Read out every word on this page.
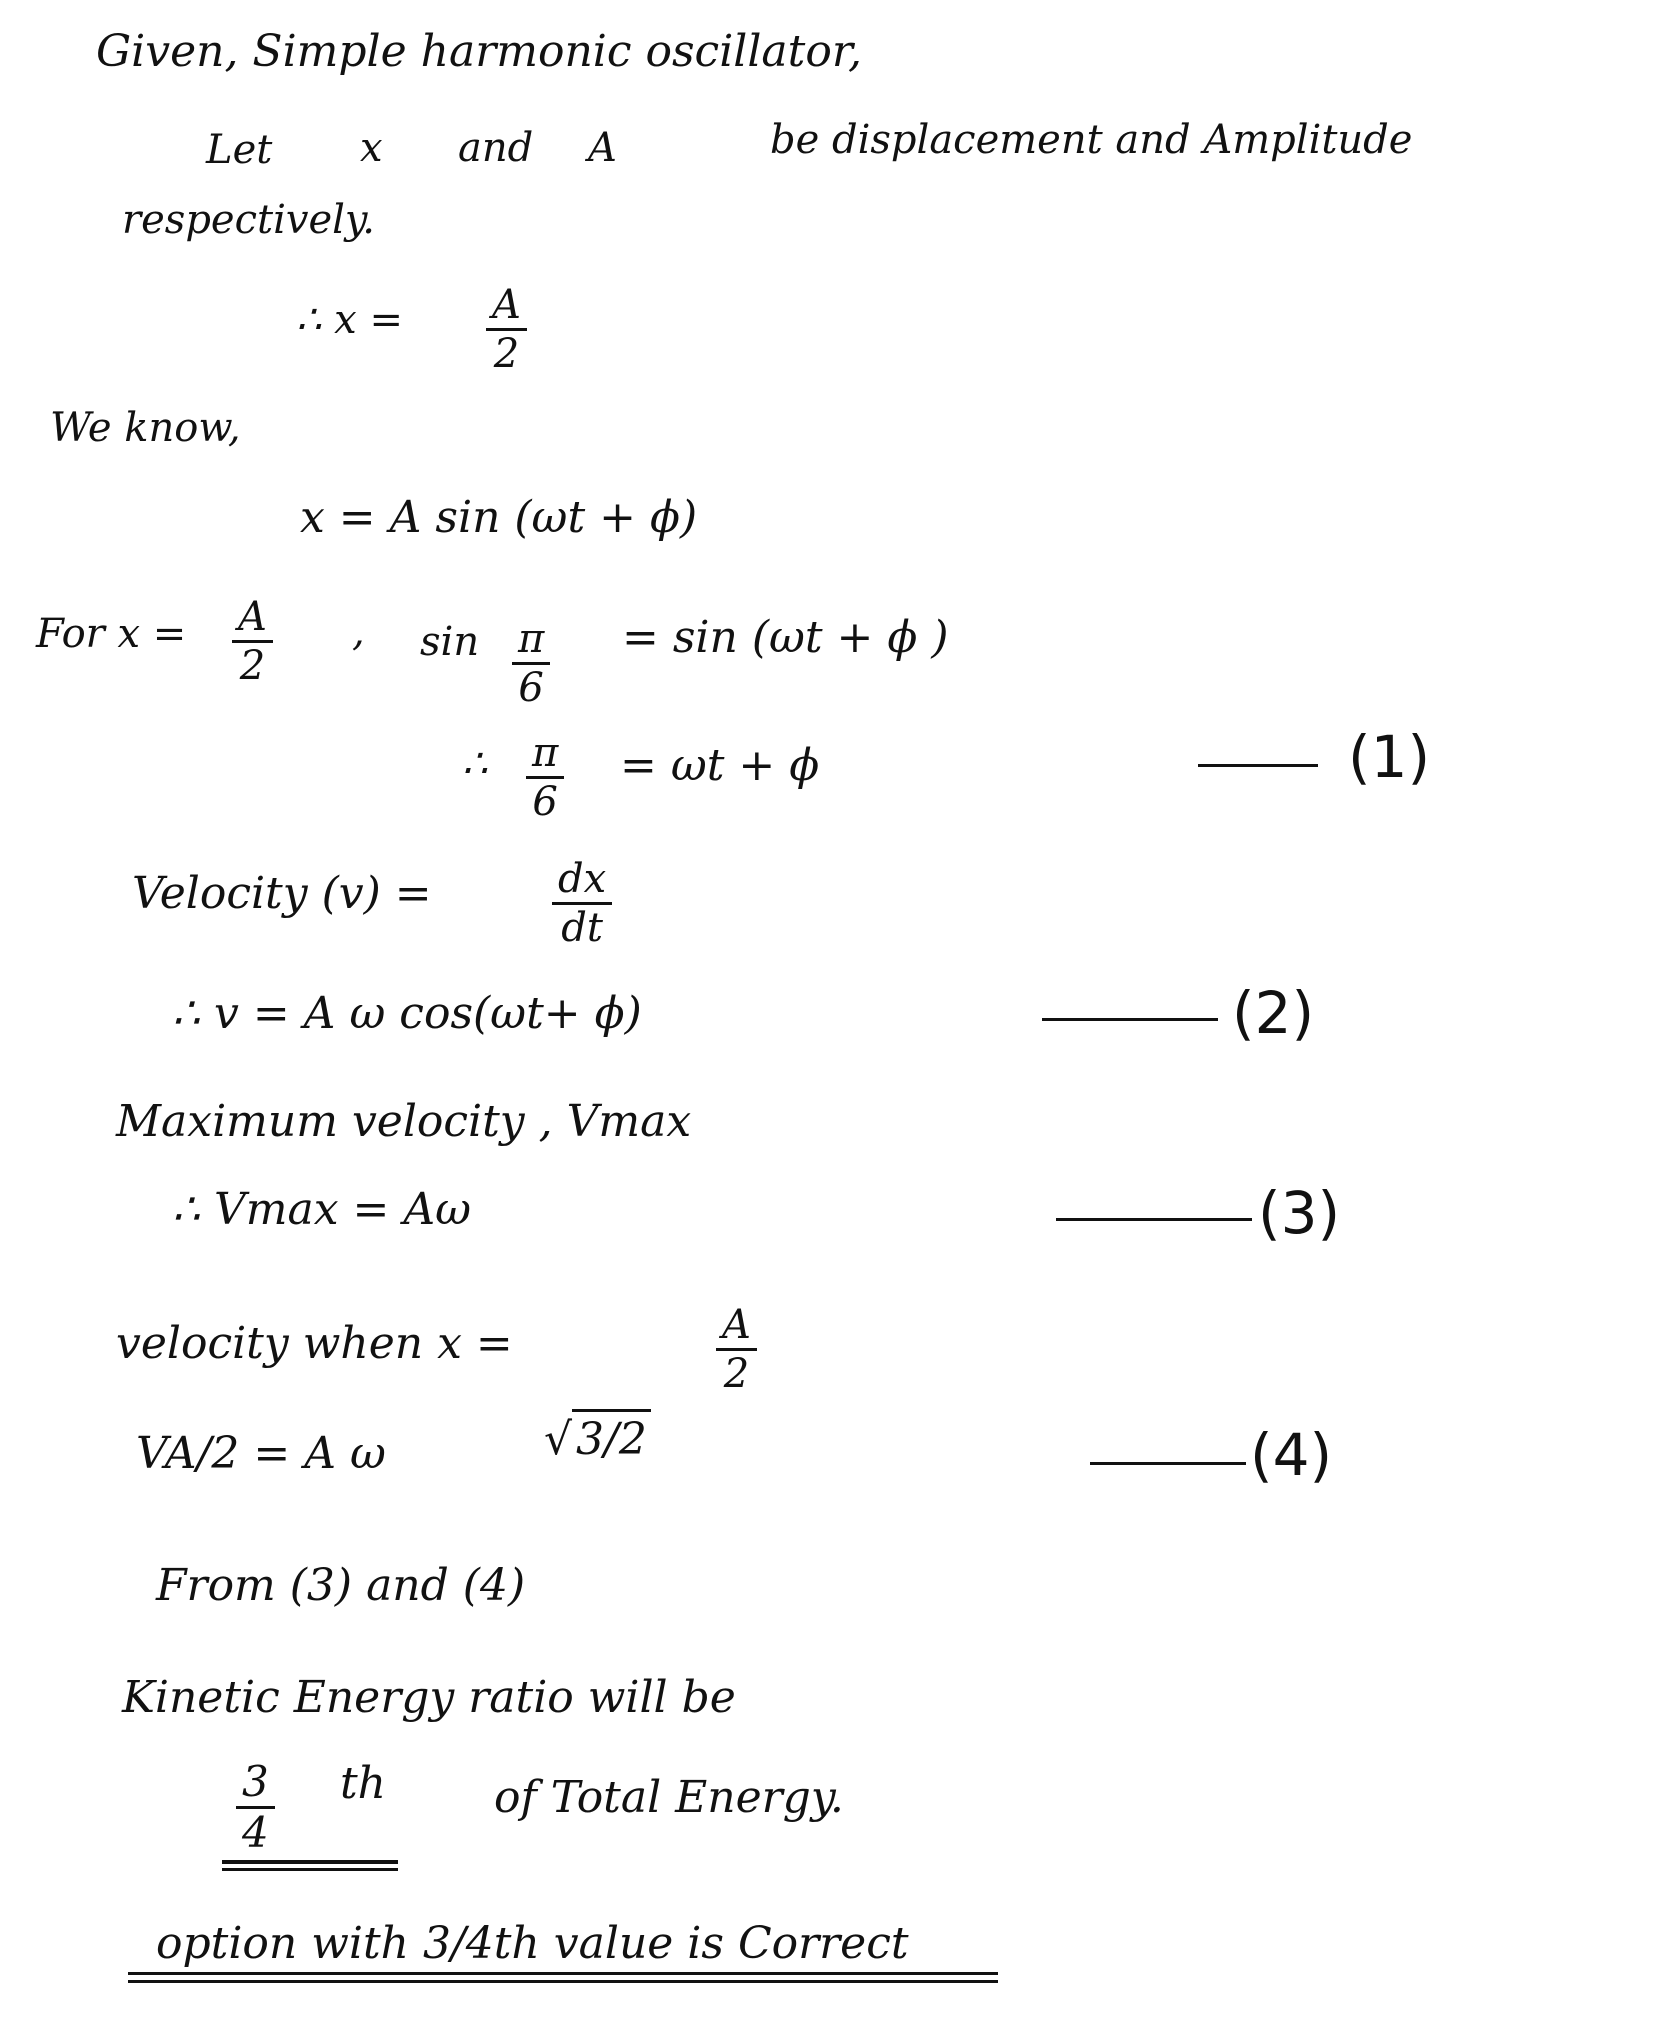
Given, Simple harmonic oscillator,
Let x and A	be displacement and Amplitude
respectively.
∴ $x = \frac{A}{2}$
We know,
x = A sin (ωt + ϕ)
For $x = \frac{A}{2}$ , $\sin \frac{\pi}{6} = \sin (\omega t + \phi$ )
∴ $\frac{\pi}{6} = \omega t + \phi$	(1)
Velocity (v) =	$\frac{dx}{dt}$
∴ v = A ω cos(ωt+ ϕ)	(2)
Maximum velocity , Vmax
∴ Vmax = Aω	(3)
velocity when x =	$\frac{A}{2}$
VA/2 = A ω	√3/2	(4)
From (3) and (4)
Kinetic Energy ratio will be
$\frac{3}{4}$ th of Total Energy.
option with 3/4th value is Correct
